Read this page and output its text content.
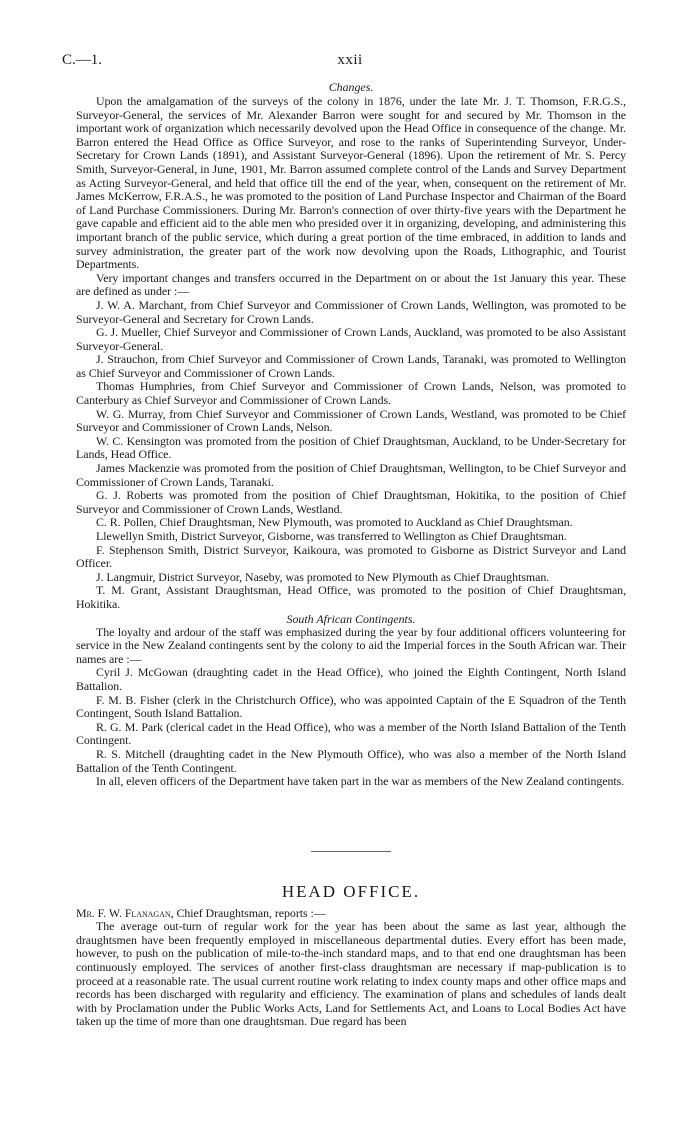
C.—1.	xxii
Changes.

Upon the amalgamation of the surveys of the colony in 1876, under the late Mr. J. T. Thomson, F.R.G.S., Surveyor-General, the services of Mr. Alexander Barron were sought for and secured by Mr. Thomson in the important work of organization which necessarily devolved upon the Head Office in consequence of the change. Mr. Barron entered the Head Office as Office Surveyor, and rose to the ranks of Superintending Surveyor, Under-Secretary for Crown Lands (1891), and Assistant Surveyor-General (1896). Upon the retirement of Mr. S. Percy Smith, Surveyor-General, in June, 1901, Mr. Barron assumed complete control of the Lands and Survey Department as Acting Surveyor-General, and held that office till the end of the year, when, consequent on the retirement of Mr. James McKerrow, F.R.A.S., he was promoted to the position of Land Purchase Inspector and Chairman of the Board of Land Purchase Commissioners. During Mr. Barron's connection of over thirty-five years with the Department he gave capable and efficient aid to the able men who presided over it in organizing, developing, and administering this important branch of the public service, which during a great portion of the time embraced, in addition to lands and survey administration, the greater part of the work now devolving upon the Roads, Lithographic, and Tourist Departments.

Very important changes and transfers occurred in the Department on or about the 1st January this year. These are defined as under :—

J. W. A. Marchant, from Chief Surveyor and Commissioner of Crown Lands, Wellington, was promoted to be Surveyor-General and Secretary for Crown Lands.

G. J. Mueller, Chief Surveyor and Commissioner of Crown Lands, Auckland, was promoted to be also Assistant Surveyor-General.

J. Strauchon, from Chief Surveyor and Commissioner of Crown Lands, Taranaki, was promoted to Wellington as Chief Surveyor and Commissioner of Crown Lands.

Thomas Humphries, from Chief Surveyor and Commissioner of Crown Lands, Nelson, was promoted to Canterbury as Chief Surveyor and Commissioner of Crown Lands.

W. G. Murray, from Chief Surveyor and Commissioner of Crown Lands, Westland, was promoted to be Chief Surveyor and Commissioner of Crown Lands, Nelson.

W. C. Kensington was promoted from the position of Chief Draughtsman, Auckland, to be Under-Secretary for Lands, Head Office.

James Mackenzie was promoted from the position of Chief Draughtsman, Wellington, to be Chief Surveyor and Commissioner of Crown Lands, Taranaki.

G. J. Roberts was promoted from the position of Chief Draughtsman, Hokitika, to the position of Chief Surveyor and Commissioner of Crown Lands, Westland.

C. R. Pollen, Chief Draughtsman, New Plymouth, was promoted to Auckland as Chief Draughtsman.

Llewellyn Smith, District Surveyor, Gisborne, was transferred to Wellington as Chief Draughtsman.

F. Stephenson Smith, District Surveyor, Kaikoura, was promoted to Gisborne as District Surveyor and Land Officer.

J. Langmuir, District Surveyor, Naseby, was promoted to New Plymouth as Chief Draughtsman.

T. M. Grant, Assistant Draughtsman, Head Office, was promoted to the position of Chief Draughtsman, Hokitika.

South African Contingents.

The loyalty and ardour of the staff was emphasized during the year by four additional officers volunteering for service in the New Zealand contingents sent by the colony to aid the Imperial forces in the South African war. Their names are :—

Cyril J. McGowan (draughting cadet in the Head Office), who joined the Eighth Contingent, North Island Battalion.

F. M. B. Fisher (clerk in the Christchurch Office), who was appointed Captain of the E Squadron of the Tenth Contingent, South Island Battalion.

R. G. M. Park (clerical cadet in the Head Office), who was a member of the North Island Battalion of the Tenth Contingent.

R. S. Mitchell (draughting cadet in the New Plymouth Office), who was also a member of the North Island Battalion of the Tenth Contingent.

In all, eleven officers of the Department have taken part in the war as members of the New Zealand contingents.

HEAD OFFICE.

Mr. F. W. Flanagan, Chief Draughtsman, reports :—

The average out-turn of regular work for the year has been about the same as last year, although the draughtsmen have been frequently employed in miscellaneous departmental duties. Every effort has been made, however, to push on the publication of mile-to-the-inch standard maps, and to that end one draughtsman has been continuously employed. The services of another first-class draughtsman are necessary if map-publication is to proceed at a reasonable rate. The usual current routine work relating to index county maps and other office maps and records has been discharged with regularity and efficiency. The examination of plans and schedules of lands dealt with by Proclamation under the Public Works Acts, Land for Settlements Act, and Loans to Local Bodies Act have taken up the time of more than one draughtsman. Due regard has been
